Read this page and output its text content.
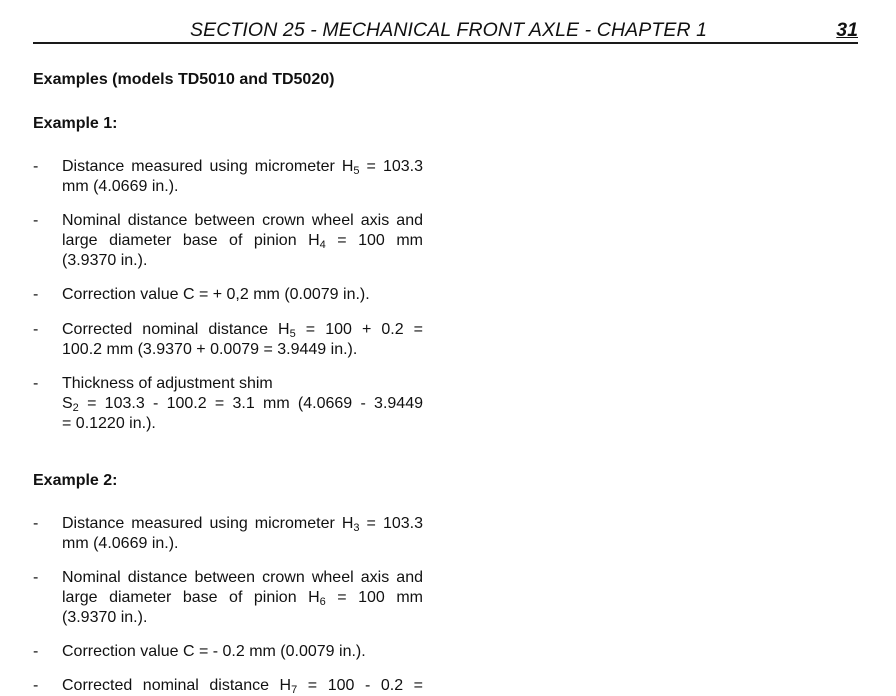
SECTION 25 - MECHANICAL FRONT AXLE - CHAPTER 1	31
Examples (models TD5010 and TD5020)
Example 1:
- Distance measured using micrometer $H_5 = 103.3$
mm (4.0669 in.).
- Nominal distance between crown wheel axis and
large diameter base of pinion $H_4 = 100$ mm
(3.9370 in.).
- Correction value C = + 0,2 mm (0.0079 in.).
- Corrected nominal distance $H_5 = 100 + 0.2$ =
100.2 mm (3.9370 + 0.0079 = 3.9449 in.).
- Thickness of adjustment shim
$S_2 = 103.3 - 100.2 = 3.1$ mm (4.0669 - 3.9449
= 0.1220 in.).
Example 2:
- Distance measured using micrometer $H_3 = 103.3$
mm (4.0669 in.).
- Nominal distance between crown wheel axis and
large diameter base of pinion $H_6 = 100$ mm
(3.9370 in.).
- Correction value C = - 0.2 mm (0.0079 in.).
- Corrected nominal distance $H_7 = 100 - 0.2$ =
